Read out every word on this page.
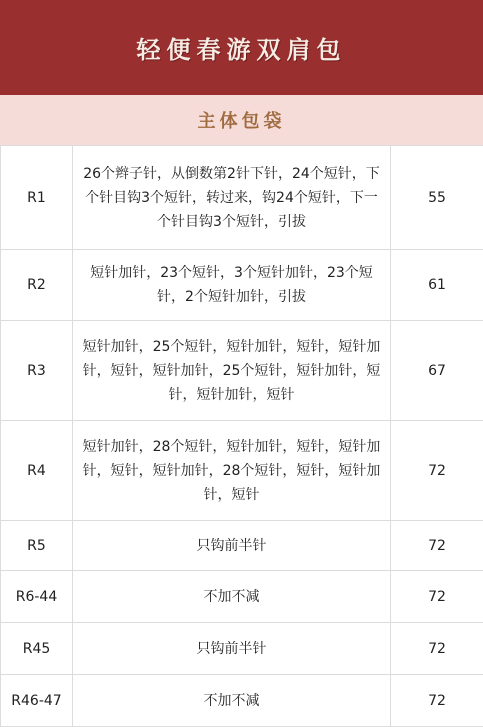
轻便春游双肩包
主体包袋
R1	26个辫子针，从倒数第2针下针，24个短针，下个针目钩3个短针，转过来，钩24个短针，下一个针目钩3个短针，引拔	55
R2	短针加针，23个短针，3个短针加针，23个短针，2个短针加针，引拔	61
R3	短针加针，25个短针，短针加针，短针，短针加针，短针，短针加针，25个短针，短针加针，短针，短针加针，短针	67
R4	短针加针，28个短针，短针加针，短针，短针加针，短针，短针加针，28个短针，短针，短针加针，短针	72
R5	只钩前半针	72
R6-44	不加不减	72
R45	只钩前半针	72
R46-47	不加不减	72
